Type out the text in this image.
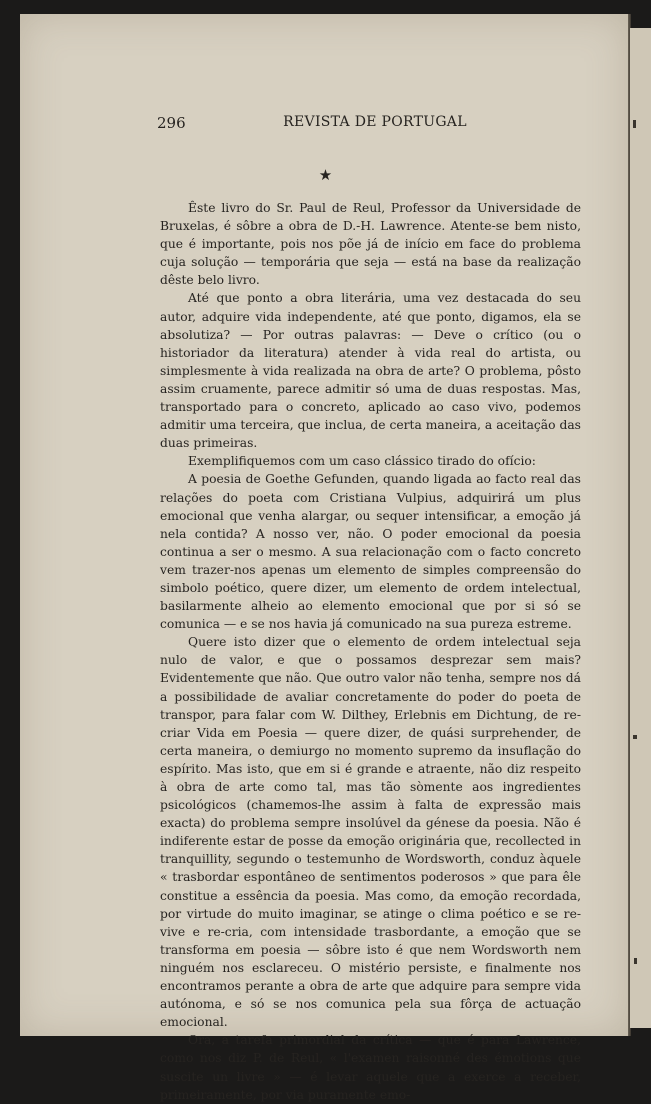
296	REVISTA DE PORTUGAL
★

Êste livro do Sr. Paul de Reul, Professor da Universidade de Bruxelas, é sôbre a obra de D.-H. Lawrence. Atente-se bem nisto, que é importante, pois nos põe já de início em face do problema cuja solução — temporária que seja — está na base da realização dêste belo livro.

Até que ponto a obra literária, uma vez destacada do seu autor, adquire vida independente, até que ponto, digamos, ela se absolutiza? — Por outras palavras: — Deve o crítico (ou o historiador da literatura) atender à vida real do artista, ou simplesmente à vida realizada na obra de arte? O problema, pôsto assim cruamente, parece admitir só uma de duas respostas. Mas, transportado para o concreto, aplicado ao caso vivo, podemos admitir uma terceira, que inclua, de certa maneira, a aceitação das duas primeiras.

Exemplifiquemos com um caso clássico tirado do ofício:

A poesia de Goethe Gefunden, quando ligada ao facto real das relações do poeta com Cristiana Vulpius, adquirirá um plus emocional que venha alargar, ou sequer intensificar, a emoção já nela contida? A nosso ver, não. O poder emocional da poesia continua a ser o mesmo. A sua relacionação com o facto concreto vem trazer-nos apenas um elemento de simples compreensão do simbolo poético, quere dizer, um elemento de ordem intelectual, basilarmente alheio ao elemento emocional que por si só se comunica — e se nos havia já comunicado na sua pureza estreme.

Quere isto dizer que o elemento de ordem intelectual seja nulo de valor, e que o possamos desprezar sem mais? Evidentemente que não. Que outro valor não tenha, sempre nos dá a possibilidade de avaliar concretamente do poder do poeta de transpor, para falar com W. Dilthey, Erlebnis em Dichtung, de re-criar Vida em Poesia — quere dizer, de quási surprehender, de certa maneira, o demiurgo no momento supremo da insuflação do espírito. Mas isto, que em si é grande e atraente, não diz respeito à obra de arte como tal, mas tão sòmente aos ingredientes psicológicos (chamemos-lhe assim à falta de expressão mais exacta) do problema sempre insolúvel da génese da poesia. Não é indiferente estar de posse da emoção originária que, recollected in tranquillity, segundo o testemunho de Wordsworth, conduz àquele « trasbordar espontâneo de sentimentos poderosos » que para êle constitue a essência da poesia. Mas como, da emoção recordada, por virtude do muito imaginar, se atinge o clima poético e se re-vive e re-cria, com intensidade trasbordante, a emoção que se transforma em poesia — sôbre isto é que nem Wordsworth nem ninguém nos esclareceu. O mistério persiste, e finalmente nos encontramos perante a obra de arte que adquire para sempre vida autónoma, e só se nos comunica pela sua fôrça de actuação emocional.

Ora, a tarefa primordial da crítica — que é para Lawrence, como nos diz P. de Reul, « l'examen raisonné des émotions que suscite un livre » — é levar aquele que a exerce a receber, primeiramente, por via puramente emo-
